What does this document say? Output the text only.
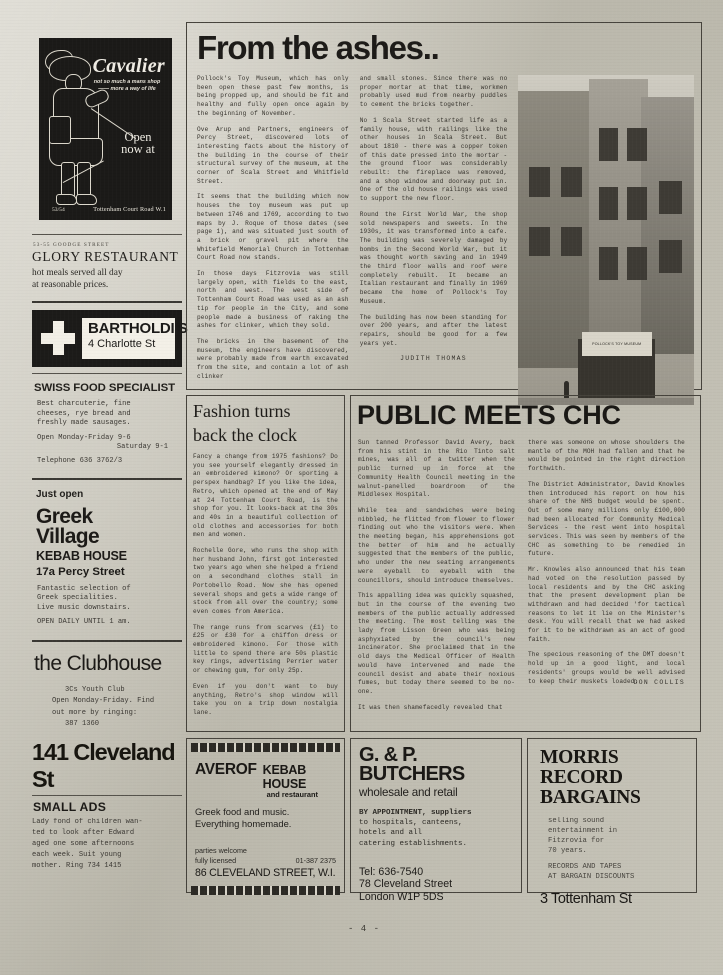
Cavalier
not so much a mans shop —— more a way of life
Open now at
53/54	Tottenham Court Road W.1
53-55 GOODGE STREET
GLORY RESTAURANT
hot meals served all day
at reasonable prices.
BARTHOLDI'S
4 Charlotte St
SWISS FOOD SPECIALIST
Best charcuterie, fine
cheeses, rye bread and
freshly made sausages.
Open Monday-Friday 9-6
Saturday 9-1
Telephone 636 3762/3
Just open
Greek
Village
KEBAB HOUSE
17a Percy Street
Fantastic selection of
Greek specialities.
Live music downstairs.
OPEN DAILY UNTIL 1 am.
the Clubhouse
3Cs Youth Club
Open Monday-Friday. Find
out more by ringing:
387 1360
141 Cleveland St
SMALL ADS
Lady fond of children wan-
ted to look after Edward
aged one some afternoons
each week. Suit young
mother. Ring 734 1415
From the ashes..

Pollock's Toy Museum, which has only been open these past few months, is being propped up, and should be fit and healthy and fully open once again by the beginning of November.

Ove Arup and Partners, engineers of Percy Street, discovered lots of interesting facts about the history of the building in the course of their structural survey of the museum, at the corner of Scala Street and Whitfield Street.

It seems that the building which now houses the toy museum was put up between 1746 and 1769, according to two maps by J. Roque of those dates (see page 1), and was situated just south of a brick or gravel pit where the Whitefield Memorial Church in Tottenham Court Road now stands.

In those days Fitzrovia was still largely open, with fields to the east, north and west. The west side of Tottenham Court Road was used as an ash tip for people in the City, and some people made a business of raking the ashes for clinker, which they sold.

The bricks in the basement of the museum, the engineers have discovered, were probably made from earth excavated from the site, and contain a lot of ash clinker

and small stones. Since there was no proper mortar at that time, workmen probably used mud from nearby puddles to cement the bricks together.

No 1 Scala Street started life as a family house, with railings like the other houses in Scala Street. But about 1810 - there was a copper token of this date pressed into the mortar - the ground floor was considerably rebuilt: the fireplace was removed, and a shop window and doorway put in. One of the old house railings was used to support the new floor.

Round the First World War, the shop sold newspapers and sweets. In the 1930s, it was transformed into a cafe. The building was severely damaged by bombs in the Second World War, but it was thought worth saving and in 1949 the third floor walls and roof were completely rebuilt. It became an Italian restaurant and finally in 1969 became the home of Pollock's Toy Museum.

The building has now been standing for over 200 years, and after the latest repairs, should be good for a few years yet.

JUDITH THOMAS
POLLOCK'S TOY MUSEUM
Fashion turns
back the clock

Fancy a change from 1975 fashions? Do you see yourself elegantly dressed in an embroidered kimono? Or sporting a perspex handbag? If you like the idea, Retro, which opened at the end of May at 24 Tottenham Court Road, is the shop for you. It looks-back at the 30s and 40s in a beautiful collection of old clothes and accessories for both men and women.

Rochelle Gore, who runs the shop with her husband John, first got interested two years ago when she helped a friend on a secondhand clothes stall in Portobello Road. Now she has opened several shops and gets a wide range of stock from all over the country; some even comes from America.

The range runs from scarves (£1) to £25 or £30 for a chiffon dress or embroidered kimono. For those with little to spend there are 50s plastic key rings, advertising Perrier water or chewing gum, for only 25p.

Even if you don't want to buy anything, Retro's shop window will take you on a trip down nostalgia lane.

PUBLIC MEETS CHC

Sun tanned Professor David Avery, back from his stint in the Rio Tinto salt mines, was all of a twitter when the public turned up in force at the Community Health Council meeting in the walnut-panelled boardroom of the Middlesex Hospital.

While tea and sandwiches were being nibbled, he flitted from flower to flower finding out who the visitors were. When the meeting began, his apprehensions got the better of him and he actually suggested that the members of the public, who under the new seating arrangements were eyeball to eyeball with the councillors, should introduce themselves.

This appalling idea was quickly squashed, but in the course of the evening two members of the public actually addressed the meeting. The most telling was the lady from Lisson Green who was being asphyxiated by the council's new incinerator. She proclaimed that in the old days the Medical Officer of Health would have intervened and made the council desist and abate their noxious fumes, but today there seemed to be no-one.

It was then shamefacedly revealed that

there was someone on whose shoulders the mantle of the MOH had fallen and that he would be pointed in the right direction forthwith.

The District Administrator, David Knowles then introduced his report on how his share of the NHS budget would be spent. Out of some many millions only £100,000 had been allocated for Community Medical Services - the rest went into hospital services. This was seen by members of the CHC as something to be remedied in future.

Mr. Knowles also announced that his team had voted on the resolution passed by local residents and by the CHC asking that the present development plan be withdrawn and had decided 'for tactical reasons to let it lie on the Minister's desk. You will recall that we had asked for it to be withdrawn as an act of good faith.

The specious reasoning of the DMT doesn't hold up in a good light, and local residents' groups would be well advised to keep their muskets loaded.

DON COLLIS
AVEROF KEBAB HOUSE
and restaurant
Greek food and music.
Everything homemade.
parties welcome
fully licensed	01-387 2375
86 CLEVELAND STREET, W.I.
G. & P.
BUTCHERS
wholesale and retail
BY APPOINTMENT, suppliers
to hospitals, canteens,
hotels and all
catering establishments.
Tel: 636-7540
78 Cleveland Street
London W1P 5DS
MORRIS
RECORD
BARGAINS
selling sound
entertainment in
Fitzrovia for
70 years.
RECORDS AND TAPES
AT BARGAIN DISCOUNTS
3 Tottenham St
- 4 -
